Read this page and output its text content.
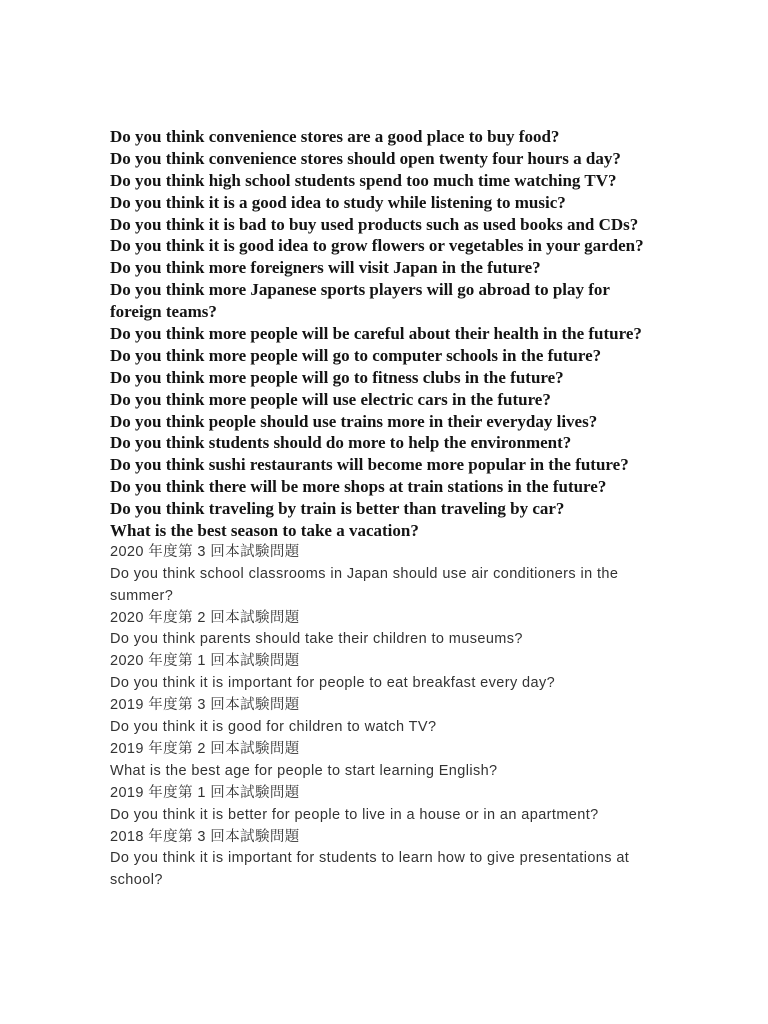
Do you think convenience stores are a good place to buy food?
Do you think convenience stores should open twenty four hours a day?
Do you think high school students spend too much time watching TV?
Do you think it is a good idea to study while listening to music?
Do you think it is bad to buy used products such as used books and CDs?
Do you think it is good idea to grow flowers or vegetables in your garden?
Do you think more foreigners will visit Japan in the future?
Do you think more Japanese sports players will go abroad to play for
foreign teams?
Do you think more people will be careful about their health in the future?
Do you think more people will go to computer schools in the future?
Do you think more people will go to fitness clubs in the future?
Do you think more people will use electric cars in the future?
Do you think people should use trains more in their everyday lives?
Do you think students should do more to help the environment?
Do you think sushi restaurants will become more popular in the future?
Do you think there will be more shops at train stations in the future?
Do you think traveling by train is better than traveling by car?
What is the best season to take a vacation?
2020 年度第 3 回本試験問題
Do you think school classrooms in Japan should use air conditioners in the
summer?
2020 年度第 2 回本試験問題
Do you think parents should take their children to museums?
2020 年度第 1 回本試験問題
Do you think it is important for people to eat breakfast every day?
2019 年度第 3 回本試験問題
Do you think it is good for children to watch TV?
2019 年度第 2 回本試験問題
What is the best age for people to start learning English?
2019 年度第 1 回本試験問題
Do you think it is better for people to live in a house or in an apartment?
2018 年度第 3 回本試験問題
Do you think it is important for students to learn how to give presentations at
school?
